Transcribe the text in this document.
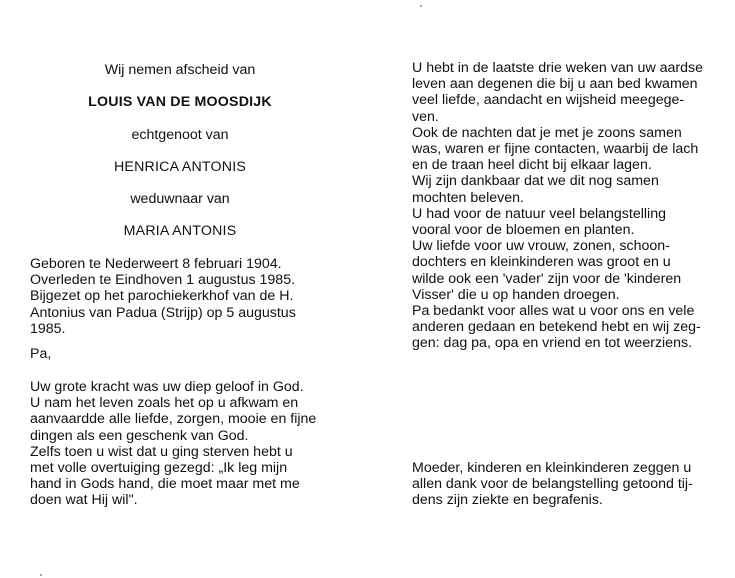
Wij nemen afscheid van
LOUIS VAN DE MOOSDIJK
echtgenoot van
HENRICA ANTONIS
weduwnaar van
MARIA ANTONIS
Geboren te Nederweert 8 februari 1904.
Overleden te Eindhoven 1 augustus 1985.
Bijgezet op het parochiekerkhof van de H.
Antonius van Padua (Strijp) op 5 augustus
1985.
Pa,
Uw grote kracht was uw diep geloof in God.
U nam het leven zoals het op u afkwam en
aanvaardde alle liefde, zorgen, mooie en fijne
dingen als een geschenk van God.
Zelfs toen u wist dat u ging sterven hebt u
met volle overtuiging gezegd: „Ik leg mijn
hand in Gods hand, die moet maar met me
doen wat Hij wil".
U hebt in de laatste drie weken van uw aardse
leven aan degenen die bij u aan bed kwamen
veel liefde, aandacht en wijsheid meegege-
ven.
Ook de nachten dat je met je zoons samen
was, waren er fijne contacten, waarbij de lach
en de traan heel dicht bij elkaar lagen.
Wij zijn dankbaar dat we dit nog samen
mochten beleven.
U had voor de natuur veel belangstelling
vooral voor de bloemen en planten.
Uw liefde voor uw vrouw, zonen, schoon-
dochters en kleinkinderen was groot en u
wilde ook een 'vader' zijn voor de 'kinderen
Visser' die u op handen droegen.
Pa bedankt voor alles wat u voor ons en vele
anderen gedaan en betekend hebt en wij zeg-
gen: dag pa, opa en vriend en tot weerziens.
Moeder, kinderen en kleinkinderen zeggen u
allen dank voor de belangstelling getoond tij-
dens zijn ziekte en begrafenis.
